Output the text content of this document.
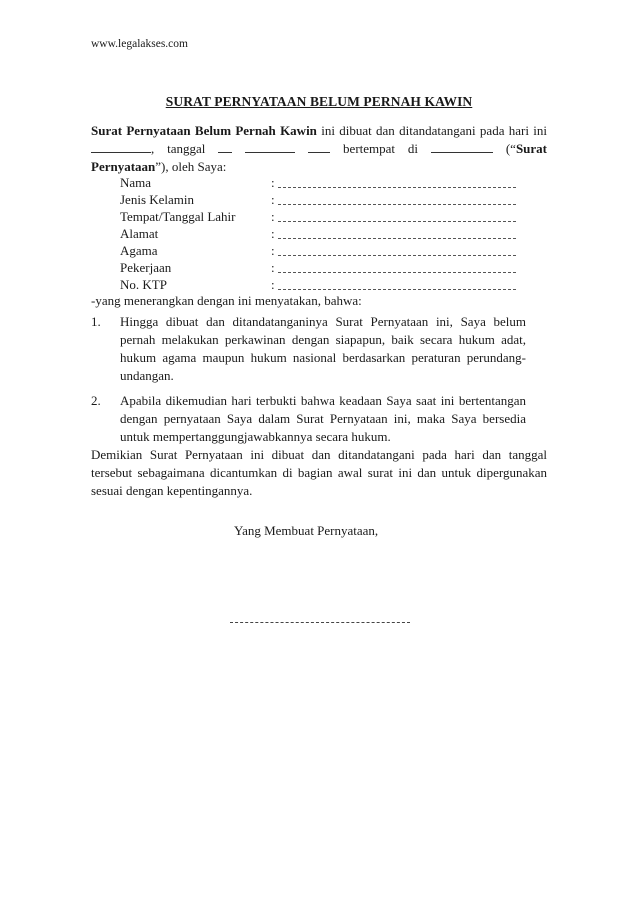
www.legalakses.com
SURAT PERNYATAAN BELUM PERNAH KAWIN
Surat Pernyataan Belum Pernah Kawin ini dibuat dan ditandatangani pada hari ini , tanggal	bertempat di	(“Surat Pernyataan”), oleh Saya:
Nama	:
Jenis Kelamin	:
Tempat/Tanggal Lahir	:
Alamat	:
Agama	:
Pekerjaan	:
No. KTP	:
-yang menerangkan dengan ini menyatakan, bahwa:
1. Hingga dibuat dan ditandatanganinya Surat Pernyataan ini, Saya belum pernah melakukan perkawinan dengan siapapun, baik secara hukum adat, hukum agama maupun hukum nasional berdasarkan peraturan perundang-undangan.
2. Apabila dikemudian hari terbukti bahwa keadaan Saya saat ini bertentangan dengan pernyataan Saya dalam Surat Pernyataan ini, maka Saya bersedia untuk mempertanggungjawabkannya secara hukum.
Demikian Surat Pernyataan ini dibuat dan ditandatangani pada hari dan tanggal tersebut sebagaimana dicantumkan di bagian awal surat ini dan untuk dipergunakan sesuai dengan kepentingannya.
Yang Membuat Pernyataan,
